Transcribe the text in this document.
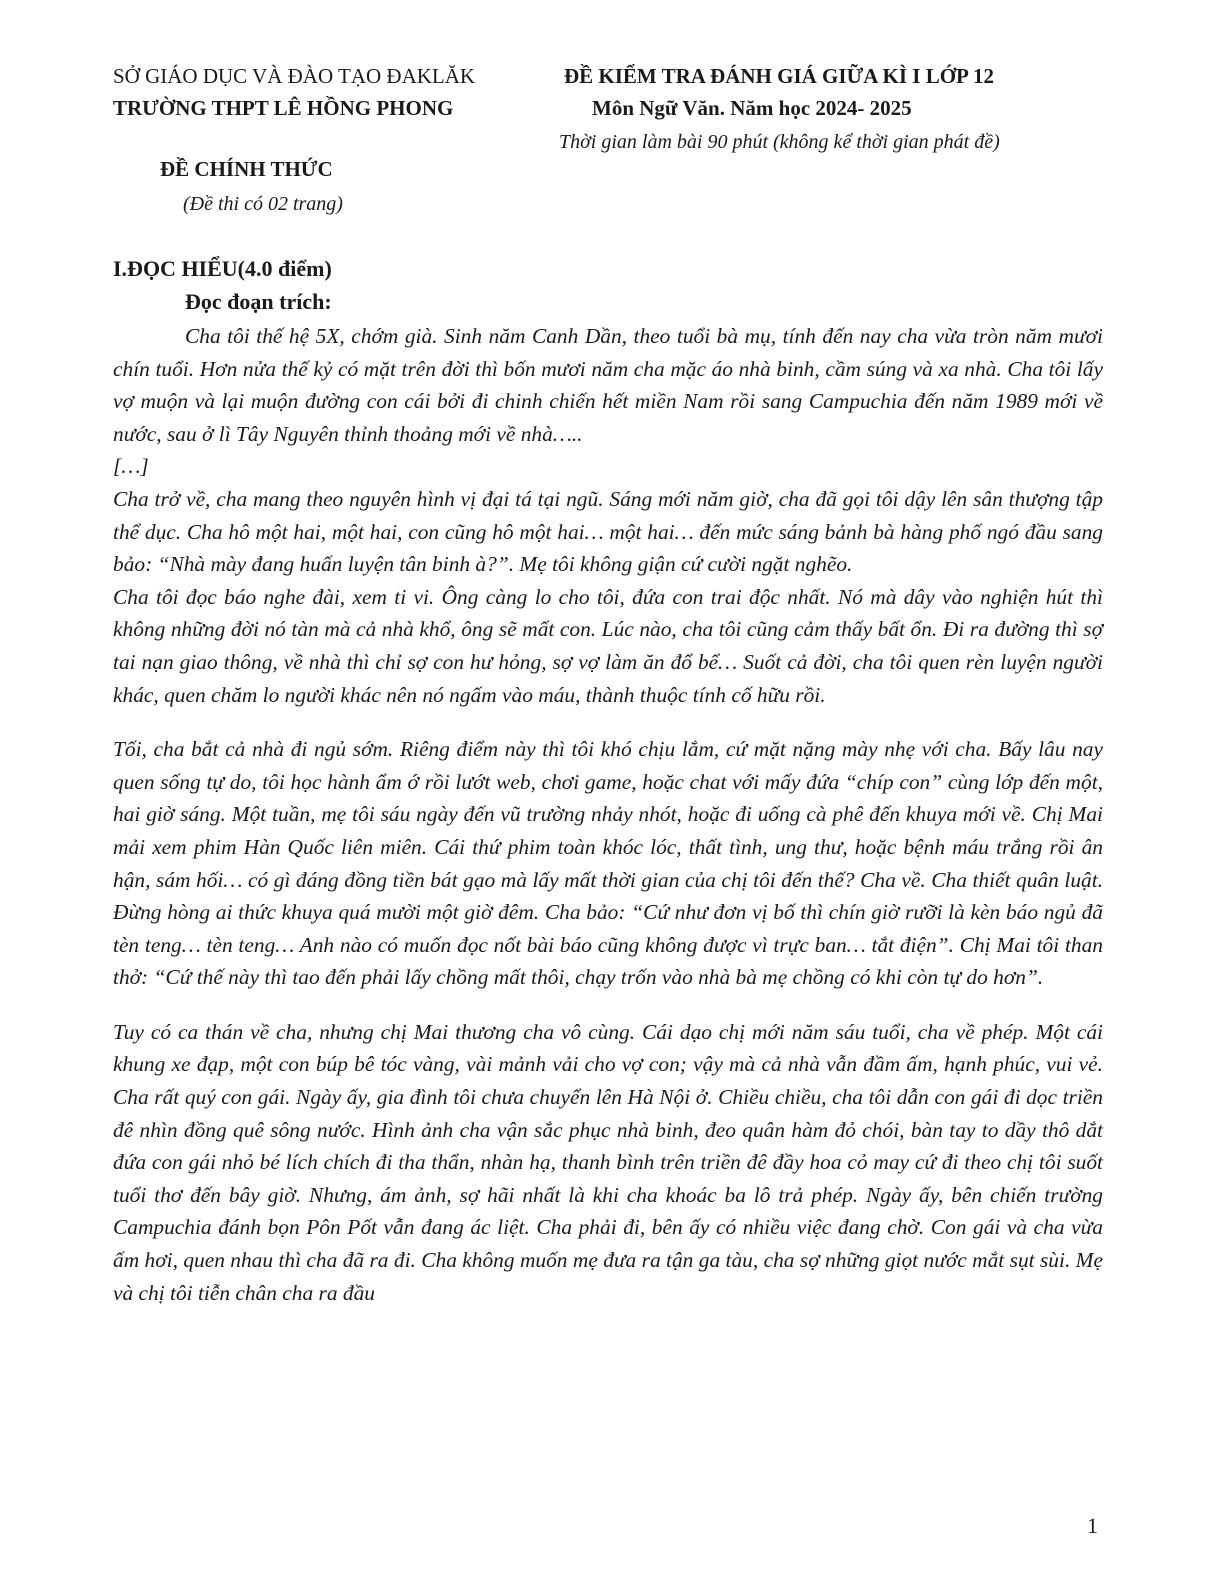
SỞ GIÁO DỤC VÀ ĐÀO TẠO ĐAKLĂK
TRƯỜNG THPT LÊ HỒNG PHONG
ĐỀ KIỂM TRA ĐÁNH GIÁ GIỮA KÌ I LỚP 12
Môn Ngữ Văn. Năm học 2024- 2025
Thời gian làm bài 90 phút (không kể thời gian phát đề)
ĐỀ CHÍNH THỨC
(Đề thi có 02 trang)
I.ĐỌC HIỂU(4.0 điểm)
Đọc đoạn trích:

Cha tôi thế hệ 5X, chớm già. Sinh năm Canh Dần, theo tuổi bà mụ, tính đến nay cha vừa tròn năm mươi chín tuổi. Hơn nửa thế kỷ có mặt trên đời thì bốn mươi năm cha mặc áo nhà binh, cầm súng và xa nhà. Cha tôi lấy vợ muộn và lại muộn đường con cái bởi đi chinh chiến hết miền Nam rồi sang Campuchia đến năm 1989 mới về nước, sau ở lì Tây Nguyên thỉnh thoảng mới về nhà…..

[…]

Cha trở về, cha mang theo nguyên hình vị đại tá tại ngũ. Sáng mới năm giờ, cha đã gọi tôi dậy lên sân thượng tập thể dục. Cha hô một hai, một hai, con cũng hô một hai… một hai… đến mức sáng bảnh bà hàng phố ngó đầu sang bảo: “Nhà mày đang huấn luyện tân binh à?”. Mẹ tôi không giận cứ cười ngặt nghẽo.

Cha tôi đọc báo nghe đài, xem ti vi. Ông càng lo cho tôi, đứa con trai độc nhất. Nó mà dây vào nghiện hút thì không những đời nó tàn mà cả nhà khổ, ông sẽ mất con. Lúc nào, cha tôi cũng cảm thấy bất ổn. Đi ra đường thì sợ tai nạn giao thông, về nhà thì chỉ sợ con hư hỏng, sợ vợ làm ăn đổ bể… Suốt cả đời, cha tôi quen rèn luyện người khác, quen chăm lo người khác nên nó ngấm vào máu, thành thuộc tính cố hữu rồi.

Tối, cha bắt cả nhà đi ngủ sớm. Riêng điểm này thì tôi khó chịu lắm, cứ mặt nặng mày nhẹ với cha. Bấy lâu nay quen sống tự do, tôi học hành ẩm ớ rồi lướt web, chơi game, hoặc chat với mấy đứa “chíp con” cùng lớp đến một, hai giờ sáng. Một tuần, mẹ tôi sáu ngày đến vũ trường nhảy nhót, hoặc đi uống cà phê đến khuya mới về. Chị Mai mải xem phim Hàn Quốc liên miên. Cái thứ phim toàn khóc lóc, thất tình, ung thư, hoặc bệnh máu trắng rồi ân hận, sám hối… có gì đáng đồng tiền bát gạo mà lấy mất thời gian của chị tôi đến thế? Cha về. Cha thiết quân luật. Đừng hòng ai thức khuya quá mười một giờ đêm. Cha bảo: “Cứ như đơn vị bố thì chín giờ rưỡi là kèn báo ngủ đã tèn teng… tèn teng… Anh nào có muốn đọc nốt bài báo cũng không được vì trực ban… tắt điện”. Chị Mai tôi than thở: “Cứ thế này thì tao đến phải lấy chồng mất thôi, chạy trốn vào nhà bà mẹ chồng có khi còn tự do hơn”.

Tuy có ca thán về cha, nhưng chị Mai thương cha vô cùng. Cái dạo chị mới năm sáu tuổi, cha về phép. Một cái khung xe đạp, một con búp bê tóc vàng, vài mảnh vải cho vợ con; vậy mà cả nhà vẫn đầm ấm, hạnh phúc, vui vẻ. Cha rất quý con gái. Ngày ấy, gia đình tôi chưa chuyển lên Hà Nội ở. Chiều chiều, cha tôi dẫn con gái đi dọc triền đê nhìn đồng quê sông nước. Hình ảnh cha vận sắc phục nhà binh, đeo quân hàm đỏ chói, bàn tay to dầy thô dắt đứa con gái nhỏ bé lích chích đi tha thẩn, nhàn hạ, thanh bình trên triền đê đầy hoa cỏ may cứ đi theo chị tôi suốt tuổi thơ đến bây giờ. Nhưng, ám ảnh, sợ hãi nhất là khi cha khoác ba lô trả phép. Ngày ấy, bên chiến trường Campuchia đánh bọn Pôn Pốt vẫn đang ác liệt. Cha phải đi, bên ấy có nhiều việc đang chờ. Con gái và cha vừa ấm hơi, quen nhau thì cha đã ra đi. Cha không muốn mẹ đưa ra tận ga tàu, cha sợ những giọt nước mắt sụt sùi. Mẹ và chị tôi tiễn chân cha ra đầu

1
